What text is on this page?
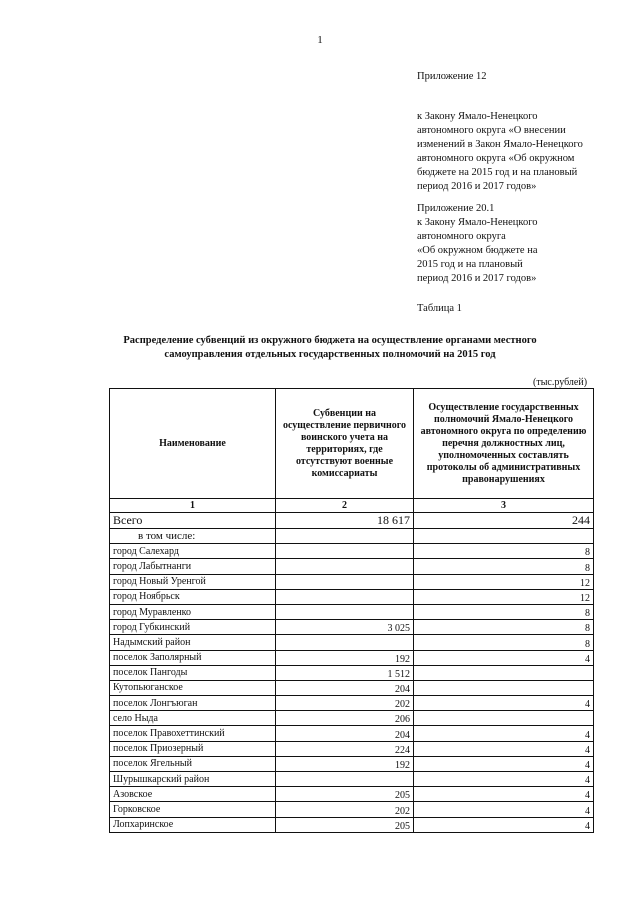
1
Приложение 12
к Закону Ямало-Ненецкого
автономного округа «О внесении
изменений в Закон Ямало-Ненецкого
автономного округа «Об окружном
бюджете на 2015 год и на плановый
период 2016 и 2017 годов»
Приложение 20.1
к Закону Ямало-Ненецкого
автономного округа
«Об окружном бюджете на
2015 год и на плановый
период 2016 и 2017 годов»
Таблица 1
Распределение субвенций из окружного бюджета на осуществление органами местного
самоуправления отдельных государственных полномочий на 2015 год
(тыс.рублей)
Наименование	Субвенции на осуществление первичного воинского учета на территориях, где отсутствуют военные комиссариаты	Осуществление государственных полномочий Ямало-Ненецкого автономного округа по определению перечня должностных лиц, уполномоченных составлять протоколы об административных правонарушениях
1	2	3
Всего	18 617	244
в том числе:		
город Салехард		8
город Лабытнанги		8
город Новый Уренгой		12
город Ноябрьск		12
город Муравленко		8
город Губкинский	3 025	8
Надымский район		8
поселок Заполярный	192	4
поселок Пангоды	1 512	
Кутопьюганское	204	
поселок Лонгъюган	202	4
село Ныда	206	
поселок Правохеттинский	204	4
поселок Приозерный	224	4
поселок Ягельный	192	4
Шурышкарский район		4
Азовское	205	4
Горковское	202	4
Лопхаринское	205	4
